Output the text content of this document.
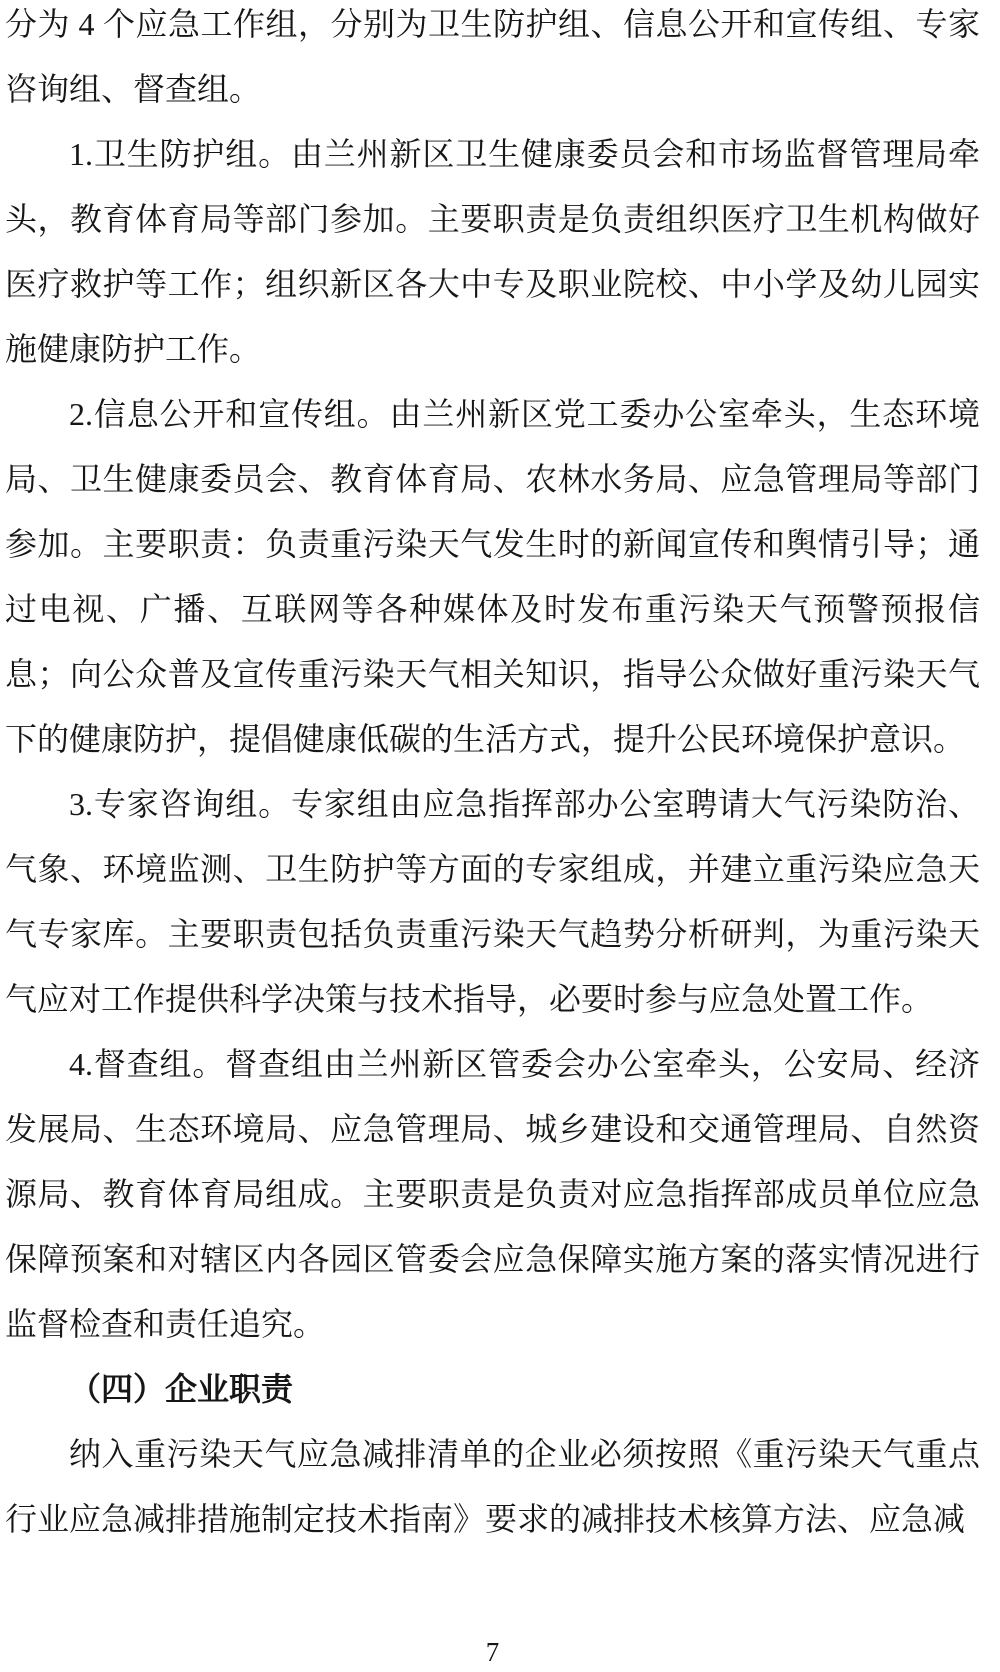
分为 4 个应急工作组，分别为卫生防护组、信息公开和宣传组、专家咨询组、督查组。

1.卫生防护组。由兰州新区卫生健康委员会和市场监督管理局牵头，教育体育局等部门参加。主要职责是负责组织医疗卫生机构做好医疗救护等工作；组织新区各大中专及职业院校、中小学及幼儿园实施健康防护工作。

2.信息公开和宣传组。由兰州新区党工委办公室牵头，生态环境局、卫生健康委员会、教育体育局、农林水务局、应急管理局等部门参加。主要职责：负责重污染天气发生时的新闻宣传和舆情引导；通过电视、广播、互联网等各种媒体及时发布重污染天气预警预报信息；向公众普及宣传重污染天气相关知识，指导公众做好重污染天气下的健康防护，提倡健康低碳的生活方式，提升公民环境保护意识。

3.专家咨询组。专家组由应急指挥部办公室聘请大气污染防治、气象、环境监测、卫生防护等方面的专家组成，并建立重污染应急天气专家库。主要职责包括负责重污染天气趋势分析研判，为重污染天气应对工作提供科学决策与技术指导，必要时参与应急处置工作。

4.督查组。督查组由兰州新区管委会办公室牵头，公安局、经济发展局、生态环境局、应急管理局、城乡建设和交通管理局、自然资源局、教育体育局组成。主要职责是负责对应急指挥部成员单位应急保障预案和对辖区内各园区管委会应急保障实施方案的落实情况进行监督检查和责任追究。

（四）企业职责

纳入重污染天气应急减排清单的企业必须按照《重污染天气重点行业应急减排措施制定技术指南》要求的减排技术核算方法、应急减

7
